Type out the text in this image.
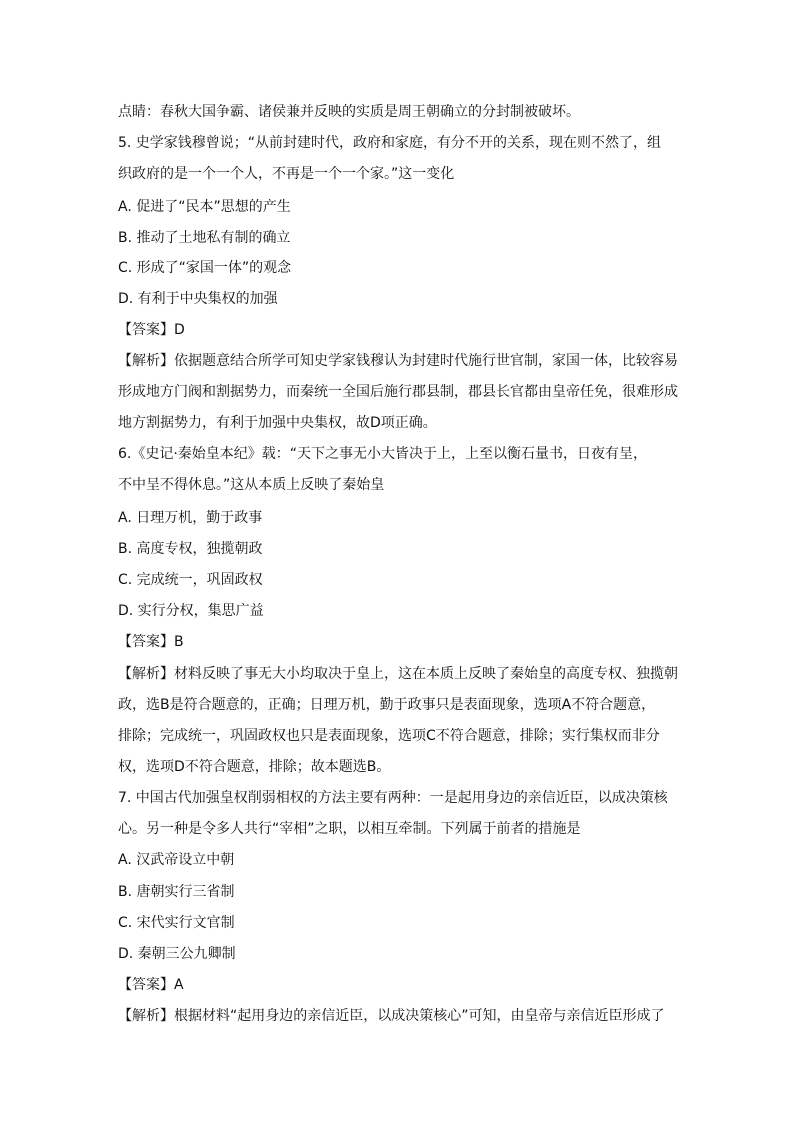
点睛：春秋大国争霸、诸侯兼并反映的实质是周王朝确立的分封制被破坏。
5. 史学家钱穆曾说；“从前封建时代，政府和家庭，有分不开的关系，现在则不然了，组
织政府的是一个一个人，不再是一个一个家。”这一变化
A. 促进了“民本”思想的产生
B. 推动了土地私有制的确立
C. 形成了“家国一体”的观念
D. 有利于中央集权的加强
【答案】D
【解析】依据题意结合所学可知史学家钱穆认为封建时代施行世官制，家国一体，比较容易
形成地方门阀和割据势力，而秦统一全国后施行郡县制，郡县长官都由皇帝任免，很难形成
地方割据势力，有利于加强中央集权，故D项正确。
6.《史记·秦始皇本纪》载：“天下之事无小大皆决于上，上至以衡石量书，日夜有呈，
不中呈不得休息。”这从本质上反映了秦始皇
A. 日理万机，勤于政事
B. 高度专权，独揽朝政
C. 完成统一，巩固政权
D. 实行分权，集思广益
【答案】B
【解析】材料反映了事无大小均取决于皇上，这在本质上反映了秦始皇的高度专权、独揽朝
政，选B是符合题意的，正确；日理万机，勤于政事只是表面现象，选项A不符合题意，
排除；完成统一，巩固政权也只是表面现象，选项C不符合题意，排除；实行集权而非分
权，选项D不符合题意，排除；故本题选B。
7. 中国古代加强皇权削弱相权的方法主要有两种：一是起用身边的亲信近臣，以成决策核
心。另一种是令多人共行“宰相”之职，以相互牵制。下列属于前者的措施是
A. 汉武帝设立中朝
B. 唐朝实行三省制
C. 宋代实行文官制
D. 秦朝三公九卿制
【答案】A
【解析】根据材料“起用身边的亲信近臣，以成决策核心”可知，由皇帝与亲信近臣形成了
